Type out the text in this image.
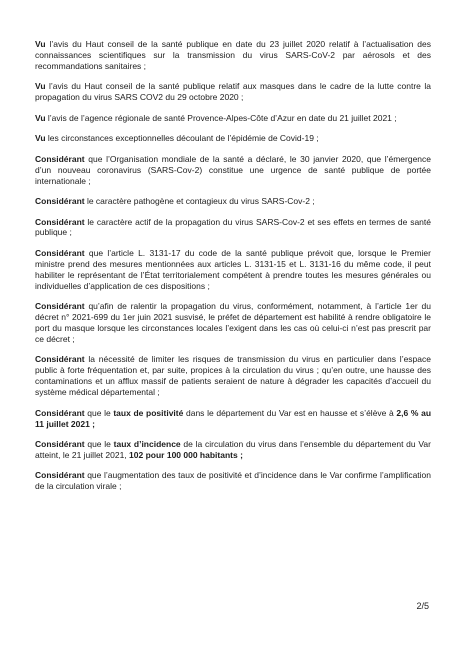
Vu l’avis du Haut conseil de la santé publique en date du 23 juillet 2020 relatif à l’actualisation des connaissances scientifiques sur la transmission du virus SARS-CoV-2 par aérosols et des recommandations sanitaires ;

Vu l’avis du Haut conseil de la santé publique relatif aux masques dans le cadre de la lutte contre la propagation du virus SARS COV2 du 29 octobre 2020 ;

Vu l’avis de l’agence régionale de santé Provence-Alpes-Côte d’Azur en date du 21 juillet 2021 ;

Vu les circonstances exceptionnelles découlant de l’épidémie de Covid-19 ;

Considérant que l’Organisation mondiale de la santé a déclaré, le 30 janvier 2020, que l’émergence d’un nouveau coronavirus (SARS-Cov-2) constitue une urgence de santé publique de portée internationale ;

Considérant le caractère pathogène et contagieux du virus SARS-Cov-2 ;

Considérant le caractère actif de la propagation du virus SARS-Cov-2 et ses effets en termes de santé publique ;

Considérant que l’article L. 3131-17 du code de la santé publique prévoit que, lorsque le Premier ministre prend des mesures mentionnées aux articles L. 3131-15 et L. 3131-16 du même code, il peut habiliter le représentant de l’État territorialement compétent à prendre toutes les mesures générales ou individuelles d’application de ces dispositions ;

Considérant qu’afin de ralentir la propagation du virus, conformément, notamment, à l’article 1er du décret n° 2021-699 du 1er juin 2021 susvisé, le préfet de département est habilité à rendre obligatoire le port du masque lorsque les circonstances locales l’exigent dans les cas où celui-ci n’est pas prescrit par ce décret ;

Considérant la nécessité de limiter les risques de transmission du virus en particulier dans l’espace public à forte fréquentation et, par suite, propices à la circulation du virus ; qu’en outre, une hausse des contaminations et un afflux massif de patients seraient de nature à dégrader les capacités d’accueil du système médical départemental ;

Considérant que le taux de positivité dans le département du Var est en hausse et s’élève à 2,6 % au 11 juillet 2021 ;

Considérant que le taux d’incidence de la circulation du virus dans l’ensemble du département du Var atteint, le 21 juillet 2021, 102 pour 100 000 habitants ;

Considérant que l’augmentation des taux de positivité et d’incidence dans le Var confirme l’amplification de la circulation virale ;

2/5
